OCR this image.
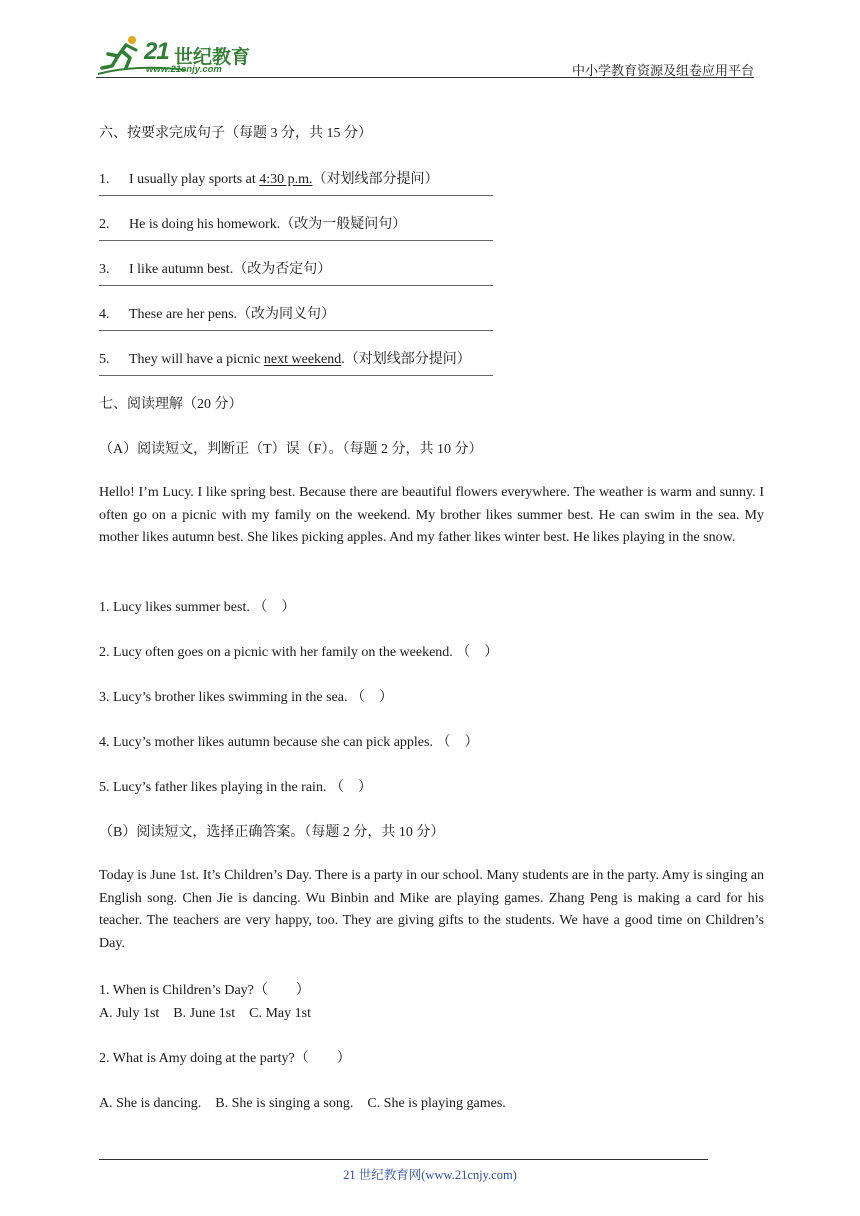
21 世纪教育
www.21cnjy.com	中小学教育资源及组卷应用平台
六、按要求完成句子（每题 3 分，共 15 分）
1. I usually play sports at 4:30 p.m.（对划线部分提问）
2. He is doing his homework.（改为一般疑问句）
3. I like autumn best.（改为否定句）
4. These are her pens.（改为同义句）
5. They will have a picnic next weekend.（对划线部分提问）
七、阅读理解（20 分）
（A）阅读短文，判断正（T）误（F）。（每题 2 分，共 10 分）
Hello! I’m Lucy. I like spring best. Because there are beautiful flowers everywhere. The weather is warm and sunny. I often go on a picnic with my family on the weekend. My brother likes summer best. He can swim in the sea. My mother likes autumn best. She likes picking apples. And my father likes winter best. He likes playing in the snow.
1. Lucy likes summer best. （　）
2. Lucy often goes on a picnic with her family on the weekend. （　）
3. Lucy’s brother likes swimming in the sea. （　）
4. Lucy’s mother likes autumn because she can pick apples. （　）
5. Lucy’s father likes playing in the rain. （　）
（B）阅读短文，选择正确答案。（每题 2 分，共 10 分）
Today is June 1st. It’s Children’s Day. There is a party in our school. Many students are in the party. Amy is singing an English song. Chen Jie is dancing. Wu Binbin and Mike are playing games. Zhang Peng is making a card for his teacher. The teachers are very happy, too. They are giving gifts to the students. We have a good time on Children’s Day.
1. When is Children’s Day?（　　）
A. July 1st　B. June 1st　C. May 1st
2. What is Amy doing at the party?（　　）
A. She is dancing.　B. She is singing a song.　C. She is playing games.
21 世纪教育网(www.21cnjy.com)
